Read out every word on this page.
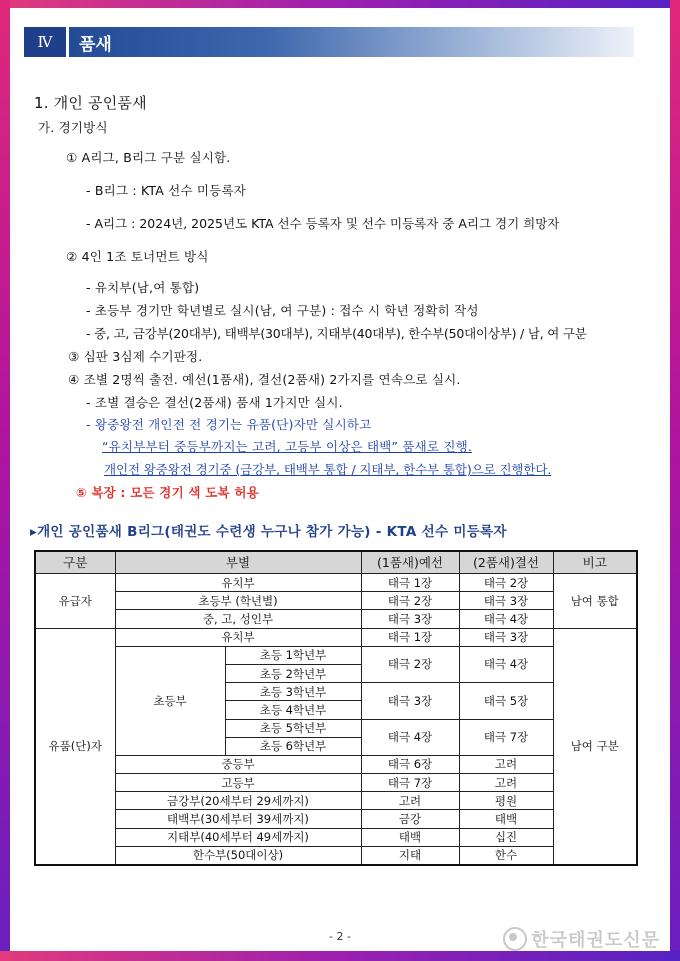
Ⅳ	품새
1. 개인 공인품새
가. 경기방식
① A리그, B리그 구분 실시함.
- B리그 : KTA 선수 미등록자
- A리그 : 2024년, 2025년도 KTA 선수 등록자 및 선수 미등록자 중 A리그 경기 희망자
② 4인 1조 토너먼트 방식
- 유치부(남,여 통합)
- 초등부 경기만 학년별로 실시(남, 여 구분) : 접수 시 학년 정확히 작성
- 중, 고, 금강부(20대부), 태백부(30대부), 지태부(40대부), 한수부(50대이상부) / 남, 여 구분
③ 심판 3심제 수기판정.
④ 조별 2명씩 출전. 예선(1품새), 결선(2품새) 2가지를 연속으로 실시.
- 조별 결승은 결선(2품새) 품새 1가지만 실시.
- 왕중왕전 개인전 전 경기는 유품(단)자만 실시하고
“유치부부터 중등부까지는 고려, 고등부 이상은 태백” 품새로 진행.
개인전 왕중왕전 경기중 (금강부, 태백부 통합 / 지태부, 한수부 통합)으로 진행한다.
⑤ 복장 : 모든 경기 색 도복 허용
▸개인 공인품새 B리그(태권도 수련생 누구나 참가 가능) - KTA 선수 미등록자
구분	부별		(1품새)예선	(2품새)결선	비고
유급자	유치부		태극 1장	태극 2장	남여 통합
	초등부 (학년별)		태극 2장	태극 3장	
	중, 고, 성인부		태극 3장	태극 4장	
유품(단)자	유치부		태극 1장	태극 3장	남여 구분
	초등부	초등 1학년부	태극 2장	태극 4장	
		초등 2학년부			
		초등 3학년부	태극 3장	태극 5장	
		초등 4학년부			
		초등 5학년부	태극 4장	태극 7장	
		초등 6학년부			
	중등부		태극 6장	고려	
	고등부		태극 7장	고려	
	금강부(20세부터 29세까지)		고려	평원	
	태백부(30세부터 39세까지)		금강	태백	
	지태부(40세부터 49세까지)		태백	십진	
	한수부(50대이상)		지태	한수	
- 2 -	한국태권도신문
